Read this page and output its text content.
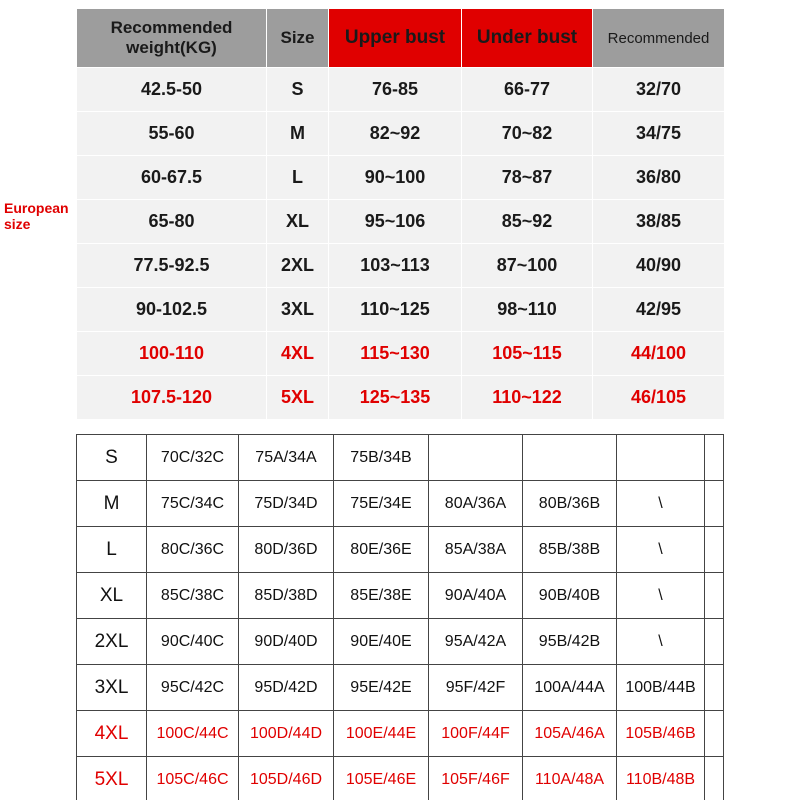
European
size
Recommended weight(KG)	Size	Upper bust	Under bust	Recommended
42.5-50	S	76-85	66-77	32/70
55-60	M	82~92	70~82	34/75
60-67.5	L	90~100	78~87	36/80
65-80	XL	95~106	85~92	38/85
77.5-92.5	2XL	103~113	87~100	40/90
90-102.5	3XL	110~125	98~110	42/95
100-110	4XL	115~130	105~115	44/100
107.5-120	5XL	125~135	110~122	46/105
S	70C/32C	75A/34A	75B/34B				
M	75C/34C	75D/34D	75E/34E	80A/36A	80B/36B	\	
L	80C/36C	80D/36D	80E/36E	85A/38A	85B/38B	\	
XL	85C/38C	85D/38D	85E/38E	90A/40A	90B/40B	\	
2XL	90C/40C	90D/40D	90E/40E	95A/42A	95B/42B	\	
3XL	95C/42C	95D/42D	95E/42E	95F/42F	100A/44A	100B/44B	
4XL	100C/44C	100D/44D	100E/44E	100F/44F	105A/46A	105B/46B	
5XL	105C/46C	105D/46D	105E/46E	105F/46F	110A/48A	110B/48B	
